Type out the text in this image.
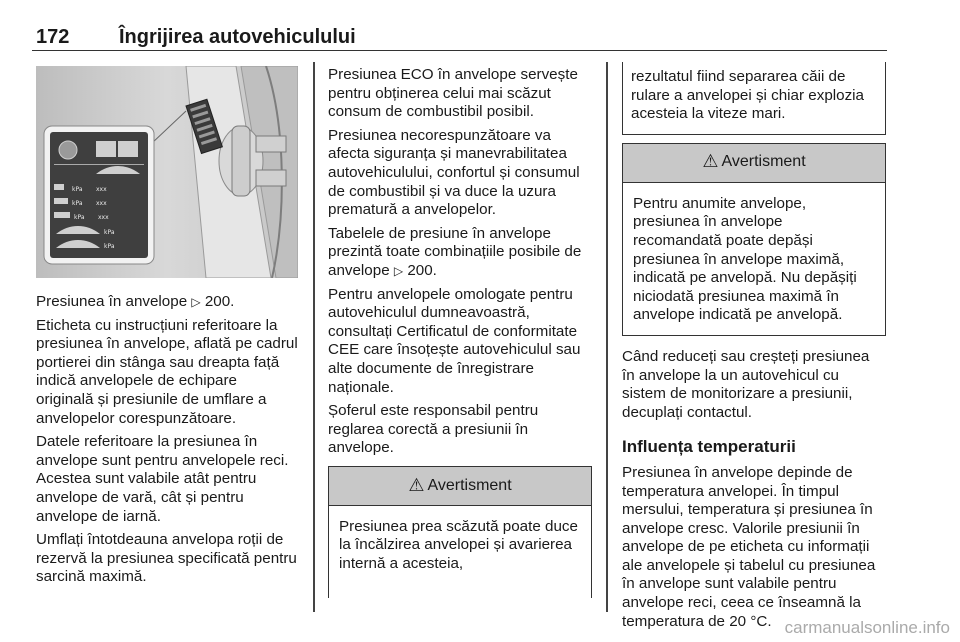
172 Îngrijirea autovehiculului
kPa xxx
kPa xxx
kPa xxx
kPa
kPa

Presiunea în anvelope ▷ 200.

Eticheta cu instrucțiuni referitoare la presiunea în anvelope, aflată pe cadrul portierei din stânga sau dreapta față indică anvelopele de echipare originală și presiunile de umflare a anvelopelor corespunzătoare.

Datele referitoare la presiunea în anvelope sunt pentru anvelopele reci. Acestea sunt valabile atât pentru anvelope de vară, cât și pentru anvelope de iarnă.

Umflați întotdeauna anvelopa roții de rezervă la presiunea specificată pentru sarcină maximă.

Presiunea ECO în anvelope servește pentru obținerea celui mai scăzut consum de combustibil posibil.

Presiunea necorespunzătoare va afecta siguranța și manevrabilitatea autovehiculului, confortul și consumul de combustibil și va duce la uzura prematură a anvelopelor.

Tabelele de presiune în anvelope prezintă toate combinațiile posibile de anvelope ▷ 200.

Pentru anvelopele omologate pentru autovehiculul dumneavoastră, consultați Certificatul de conformitate CEE care însoțește autovehiculul sau alte documente de înregistrare naționale.

Șoferul este responsabil pentru reglarea corectă a presiunii în anvelope.

⚠ Avertisment
Presiunea prea scăzută poate duce la încălzirea anvelopei și avarierea internă a acesteia,
rezultatul fiind separarea căii de rulare a anvelopei și chiar explozia acesteia la viteze mari.
⚠ Avertisment
Pentru anumite anvelope, presiunea în anvelope recomandată poate depăși presiunea în anvelope maximă, indicată pe anvelopă. Nu depășiți niciodată presiunea maximă în anvelope indicată pe anvelopă.

Când reduceți sau creșteți presiunea în anvelope la un autovehicul cu sistem de monitorizare a presiunii, decuplați contactul.

Influența temperaturii

Presiunea în anvelope depinde de temperatura anvelopei. În timpul mersului, temperatura și presiunea în anvelope cresc. Valorile presiunii în anvelope de pe eticheta cu informații ale anvelopele și tabelul cu presiunea în anvelope sunt valabile pentru anvelope reci, ceea ce înseamnă la temperatura de 20 °C. carmanualsonline.info
